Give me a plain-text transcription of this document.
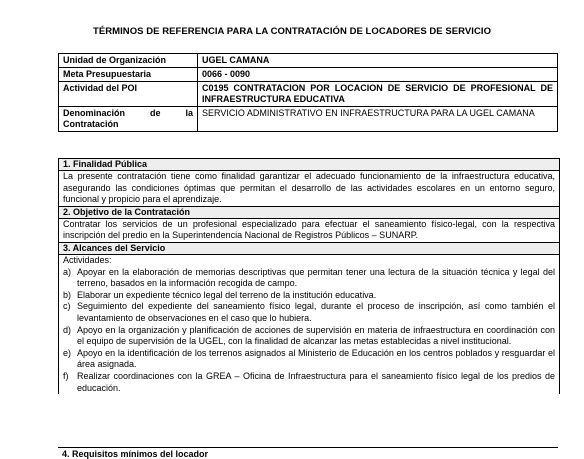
TÉRMINOS DE REFERENCIA PARA LA CONTRATACIÓN DE LOCADORES DE SERVICIO
Unidad de Organización	UGEL CAMANA
Meta Presupuestaria	0066 - 0090
Actividad del POI	C0195 CONTRATACION POR LOCACION DE SERVICIO DE PROFESIONAL DE INFRAESTRUCTURA EDUCATIVA
Denominación de la Contratación	SERVICIO ADMINISTRATIVO EN INFRAESTRUCTURA PARA LA UGEL CAMANA
1. Finalidad Pública
La presente contratación tiene como finalidad garantizar el adecuado funcionamiento de la infraestructura educativa, asegurando las condiciones óptimas que permitan el desarrollo de las actividades escolares en un entorno seguro, funcional y propicio para el aprendizaje.
2. Objetivo de la Contratación
Contratar los servicios de un profesional especializado para efectuar el saneamiento físico-legal, con la respectiva inscripción del predio en la Superintendencia Nacional de Registros Públicos – SUNARP.
3. Alcances del Servicio
Actividades:
a) Apoyar en la elaboración de memorias descriptivas que permitan tener una lectura de la situación técnica y legal del terreno, basados en la información recogida de campo.
b) Elaborar un expediente técnico legal del terreno de la institución educativa.
c) Seguimiento del expediente del saneamiento físico legal, durante el proceso de inscripción, así como también el levantamiento de observaciones en el caso que lo hubiera.
d) Apoyo en la organización y planificación de acciones de supervisión en materia de infraestructura en coordinación con el equipo de supervisión de la UGEL, con la finalidad de alcanzar las metas establecidas a nivel institucional.
e) Apoyo en la identificación de los terrenos asignados al Ministerio de Educación en los centros poblados y resguardar el área asignada.
f) Realizar coordinaciones con la GREA – Oficina de Infraestructura para el saneamiento físico legal de los predios de educación.
4. Requisitos mínimos del locador
